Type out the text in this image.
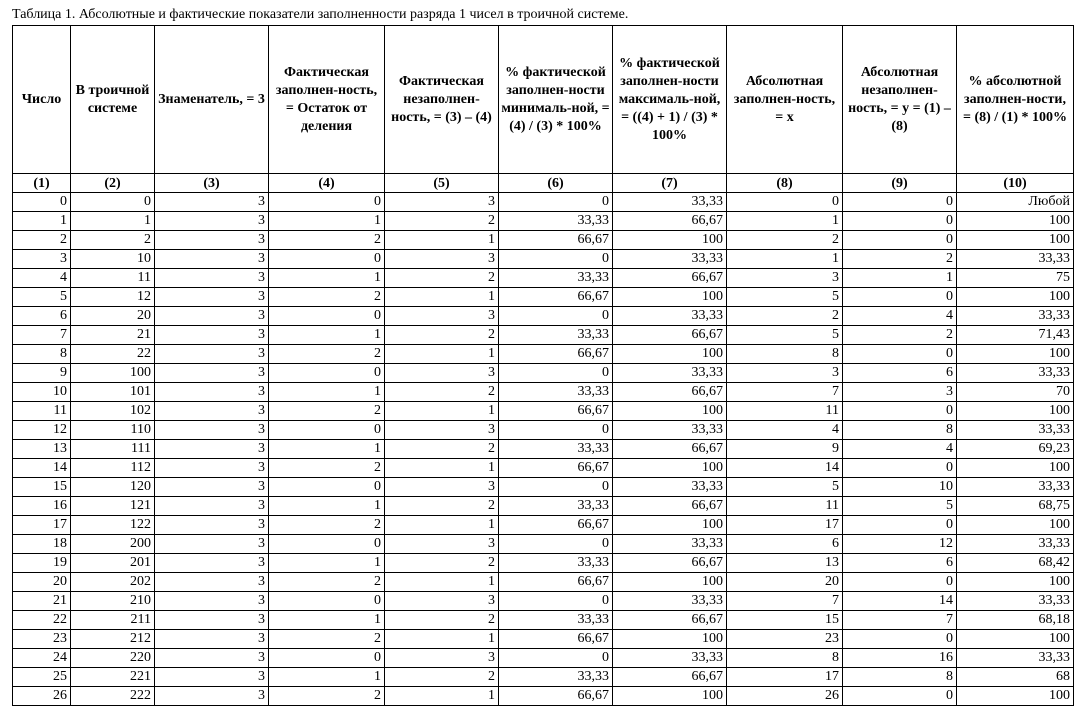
Таблица 1. Абсолютные и фактические показатели заполненности разряда 1 чисел в троичной системе.
Число	В троичной системе	Знаменатель, = 3	Фактическая заполнен-ность, = Остаток от деления	Фактическая незаполнен-ность, = (3) – (4)	% фактической заполнен-ности минималь-ной, = (4) / (3) * 100%	% фактической заполнен-ности максималь-ной, = ((4) + 1) / (3) * 100%	Абсолютная заполнен-ность, = x	Абсолютная незаполнен-ность, = y = (1) – (8)	% абсолютной заполнен-ности, = (8) / (1) * 100%
(1)	(2)	(3)	(4)	(5)	(6)	(7)	(8)	(9)	(10)
0	0	3	0	3	0	33,33	0	0	Любой
1	1	3	1	2	33,33	66,67	1	0	100
2	2	3	2	1	66,67	100	2	0	100
3	10	3	0	3	0	33,33	1	2	33,33
4	11	3	1	2	33,33	66,67	3	1	75
5	12	3	2	1	66,67	100	5	0	100
6	20	3	0	3	0	33,33	2	4	33,33
7	21	3	1	2	33,33	66,67	5	2	71,43
8	22	3	2	1	66,67	100	8	0	100
9	100	3	0	3	0	33,33	3	6	33,33
10	101	3	1	2	33,33	66,67	7	3	70
11	102	3	2	1	66,67	100	11	0	100
12	110	3	0	3	0	33,33	4	8	33,33
13	111	3	1	2	33,33	66,67	9	4	69,23
14	112	3	2	1	66,67	100	14	0	100
15	120	3	0	3	0	33,33	5	10	33,33
16	121	3	1	2	33,33	66,67	11	5	68,75
17	122	3	2	1	66,67	100	17	0	100
18	200	3	0	3	0	33,33	6	12	33,33
19	201	3	1	2	33,33	66,67	13	6	68,42
20	202	3	2	1	66,67	100	20	0	100
21	210	3	0	3	0	33,33	7	14	33,33
22	211	3	1	2	33,33	66,67	15	7	68,18
23	212	3	2	1	66,67	100	23	0	100
24	220	3	0	3	0	33,33	8	16	33,33
25	221	3	1	2	33,33	66,67	17	8	68
26	222	3	2	1	66,67	100	26	0	100
